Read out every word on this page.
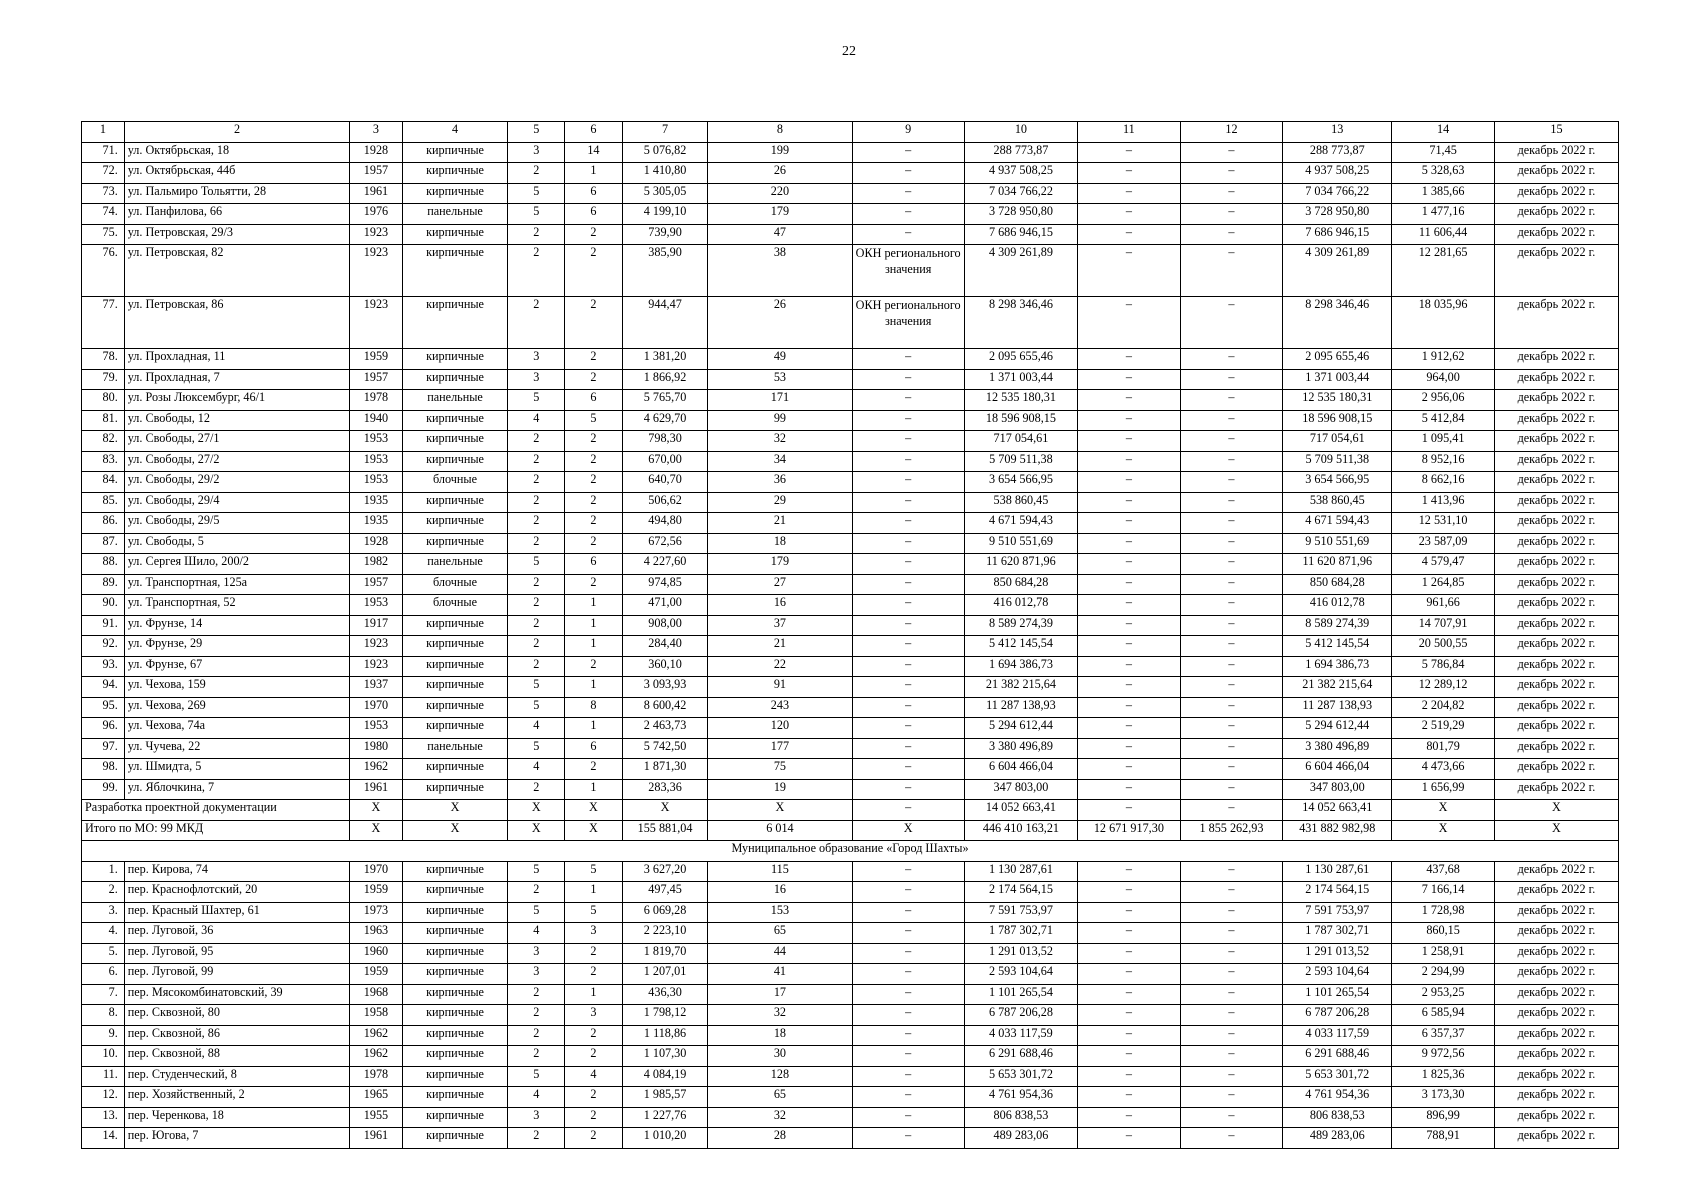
22
1	2	3	4	5	6	7	8	9	10	11	12	13	14	15
71.	ул. Октябрьская, 18	1928	кирпичные	3	14	5 076,82	199	–	288 773,87	–	–	288 773,87	71,45	декабрь 2022 г.
72.	ул. Октябрьская, 44б	1957	кирпичные	2	1	1 410,80	26	–	4 937 508,25	–	–	4 937 508,25	5 328,63	декабрь 2022 г.
73.	ул. Пальмиро Тольятти, 28	1961	кирпичные	5	6	5 305,05	220	–	7 034 766,22	–	–	7 034 766,22	1 385,66	декабрь 2022 г.
74.	ул. Панфилова, 66	1976	панельные	5	6	4 199,10	179	–	3 728 950,80	–	–	3 728 950,80	1 477,16	декабрь 2022 г.
75.	ул. Петровская, 29/3	1923	кирпичные	2	2	739,90	47	–	7 686 946,15	–	–	7 686 946,15	11 606,44	декабрь 2022 г.
76.	ул. Петровская, 82	1923	кирпичные	2	2	385,90	38	ОКН регионального значения	4 309 261,89	–	–	4 309 261,89	12 281,65	декабрь 2022 г.
77.	ул. Петровская, 86	1923	кирпичные	2	2	944,47	26	ОКН регионального значения	8 298 346,46	–	–	8 298 346,46	18 035,96	декабрь 2022 г.
78.	ул. Прохладная, 11	1959	кирпичные	3	2	1 381,20	49	–	2 095 655,46	–	–	2 095 655,46	1 912,62	декабрь 2022 г.
79.	ул. Прохладная, 7	1957	кирпичные	3	2	1 866,92	53	–	1 371 003,44	–	–	1 371 003,44	964,00	декабрь 2022 г.
80.	ул. Розы Люксембург, 46/1	1978	панельные	5	6	5 765,70	171	–	12 535 180,31	–	–	12 535 180,31	2 956,06	декабрь 2022 г.
81.	ул. Свободы, 12	1940	кирпичные	4	5	4 629,70	99	–	18 596 908,15	–	–	18 596 908,15	5 412,84	декабрь 2022 г.
82.	ул. Свободы, 27/1	1953	кирпичные	2	2	798,30	32	–	717 054,61	–	–	717 054,61	1 095,41	декабрь 2022 г.
83.	ул. Свободы, 27/2	1953	кирпичные	2	2	670,00	34	–	5 709 511,38	–	–	5 709 511,38	8 952,16	декабрь 2022 г.
84.	ул. Свободы, 29/2	1953	блочные	2	2	640,70	36	–	3 654 566,95	–	–	3 654 566,95	8 662,16	декабрь 2022 г.
85.	ул. Свободы, 29/4	1935	кирпичные	2	2	506,62	29	–	538 860,45	–	–	538 860,45	1 413,96	декабрь 2022 г.
86.	ул. Свободы, 29/5	1935	кирпичные	2	2	494,80	21	–	4 671 594,43	–	–	4 671 594,43	12 531,10	декабрь 2022 г.
87.	ул. Свободы, 5	1928	кирпичные	2	2	672,56	18	–	9 510 551,69	–	–	9 510 551,69	23 587,09	декабрь 2022 г.
88.	ул. Сергея Шило, 200/2	1982	панельные	5	6	4 227,60	179	–	11 620 871,96	–	–	11 620 871,96	4 579,47	декабрь 2022 г.
89.	ул. Транспортная, 125а	1957	блочные	2	2	974,85	27	–	850 684,28	–	–	850 684,28	1 264,85	декабрь 2022 г.
90.	ул. Транспортная, 52	1953	блочные	2	1	471,00	16	–	416 012,78	–	–	416 012,78	961,66	декабрь 2022 г.
91.	ул. Фрунзе, 14	1917	кирпичные	2	1	908,00	37	–	8 589 274,39	–	–	8 589 274,39	14 707,91	декабрь 2022 г.
92.	ул. Фрунзе, 29	1923	кирпичные	2	1	284,40	21	–	5 412 145,54	–	–	5 412 145,54	20 500,55	декабрь 2022 г.
93.	ул. Фрунзе, 67	1923	кирпичные	2	2	360,10	22	–	1 694 386,73	–	–	1 694 386,73	5 786,84	декабрь 2022 г.
94.	ул. Чехова, 159	1937	кирпичные	5	1	3 093,93	91	–	21 382 215,64	–	–	21 382 215,64	12 289,12	декабрь 2022 г.
95.	ул. Чехова, 269	1970	кирпичные	5	8	8 600,42	243	–	11 287 138,93	–	–	11 287 138,93	2 204,82	декабрь 2022 г.
96.	ул. Чехова, 74а	1953	кирпичные	4	1	2 463,73	120	–	5 294 612,44	–	–	5 294 612,44	2 519,29	декабрь 2022 г.
97.	ул. Чучева, 22	1980	панельные	5	6	5 742,50	177	–	3 380 496,89	–	–	3 380 496,89	801,79	декабрь 2022 г.
98.	ул. Шмидта, 5	1962	кирпичные	4	2	1 871,30	75	–	6 604 466,04	–	–	6 604 466,04	4 473,66	декабрь 2022 г.
99.	ул. Яблочкина, 7	1961	кирпичные	2	1	283,36	19	–	347 803,00	–	–	347 803,00	1 656,99	декабрь 2022 г.
Разработка проектной документации		X	X	X	X	X	X	–	14 052 663,41	–	–	14 052 663,41	X	X
Итого по МО: 99 МКД		X	X	X	X	155 881,04	6 014	X	446 410 163,21	12 671 917,30	1 855 262,93	431 882 982,98	X	X
Муниципальное образование «Город Шахты»														
1.	пер. Кирова, 74	1970	кирпичные	5	5	3 627,20	115	–	1 130 287,61	–	–	1 130 287,61	437,68	декабрь 2022 г.
2.	пер. Краснофлотский, 20	1959	кирпичные	2	1	497,45	16	–	2 174 564,15	–	–	2 174 564,15	7 166,14	декабрь 2022 г.
3.	пер. Красный Шахтер, 61	1973	кирпичные	5	5	6 069,28	153	–	7 591 753,97	–	–	7 591 753,97	1 728,98	декабрь 2022 г.
4.	пер. Луговой, 36	1963	кирпичные	4	3	2 223,10	65	–	1 787 302,71	–	–	1 787 302,71	860,15	декабрь 2022 г.
5.	пер. Луговой, 95	1960	кирпичные	3	2	1 819,70	44	–	1 291 013,52	–	–	1 291 013,52	1 258,91	декабрь 2022 г.
6.	пер. Луговой, 99	1959	кирпичные	3	2	1 207,01	41	–	2 593 104,64	–	–	2 593 104,64	2 294,99	декабрь 2022 г.
7.	пер. Мясокомбинатовский, 39	1968	кирпичные	2	1	436,30	17	–	1 101 265,54	–	–	1 101 265,54	2 953,25	декабрь 2022 г.
8.	пер. Сквозной, 80	1958	кирпичные	2	3	1 798,12	32	–	6 787 206,28	–	–	6 787 206,28	6 585,94	декабрь 2022 г.
9.	пер. Сквозной, 86	1962	кирпичные	2	2	1 118,86	18	–	4 033 117,59	–	–	4 033 117,59	6 357,37	декабрь 2022 г.
10.	пер. Сквозной, 88	1962	кирпичные	2	2	1 107,30	30	–	6 291 688,46	–	–	6 291 688,46	9 972,56	декабрь 2022 г.
11.	пер. Студенческий, 8	1978	кирпичные	5	4	4 084,19	128	–	5 653 301,72	–	–	5 653 301,72	1 825,36	декабрь 2022 г.
12.	пер. Хозяйственный, 2	1965	кирпичные	4	2	1 985,57	65	–	4 761 954,36	–	–	4 761 954,36	3 173,30	декабрь 2022 г.
13.	пер. Черенкова, 18	1955	кирпичные	3	2	1 227,76	32	–	806 838,53	–	–	806 838,53	896,99	декабрь 2022 г.
14.	пер. Югова, 7	1961	кирпичные	2	2	1 010,20	28	–	489 283,06	–	–	489 283,06	788,91	декабрь 2022 г.
